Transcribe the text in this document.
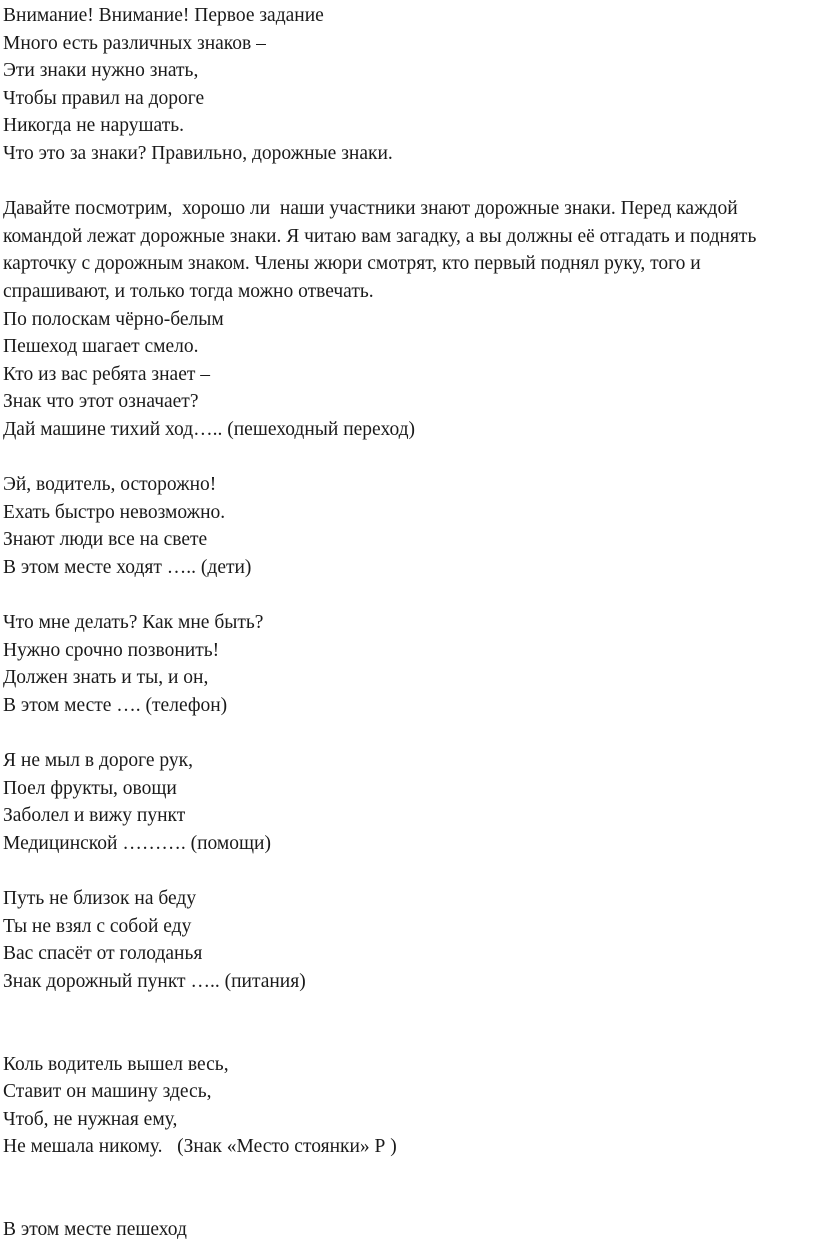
Внимание! Внимание! Первое задание
Много есть различных знаков –
Эти знаки нужно знать,
Чтобы правил на дороге
Никогда не нарушать.
Что это за знаки? Правильно, дорожные знаки.
Давайте посмотрим,  хорошо ли  наши участники знают дорожные знаки. Перед каждой
командой лежат дорожные знаки. Я читаю вам загадку, а вы должны её отгадать и поднять
карточку с дорожным знаком. Члены жюри смотрят, кто первый поднял руку, того и
спрашивают, и только тогда можно отвечать.
По полоскам чёрно-белым
Пешеход шагает смело.
Кто из вас ребята знает –
Знак что этот означает?
Дай машине тихий ход….. (пешеходный переход)
Эй, водитель, осторожно!
Ехать быстро невозможно.
Знают люди все на свете
В этом месте ходят ….. (дети)
Что мне делать? Как мне быть?
Нужно срочно позвонить!
Должен знать и ты, и он,
В этом месте …. (телефон)
Я не мыл в дороге рук,
Поел фрукты, овощи
Заболел и вижу пункт
Медицинской ………. (помощи)
Путь не близок на беду
Ты не взял с собой еду
Вас спасёт от голоданья
Знак дорожный пункт ….. (питания)
Коль водитель вышел весь,
Ставит он машину здесь,
Чтоб, не нужная ему,
Не мешала никому.   (Знак «Место стоянки» Р )
В этом месте пешеход
